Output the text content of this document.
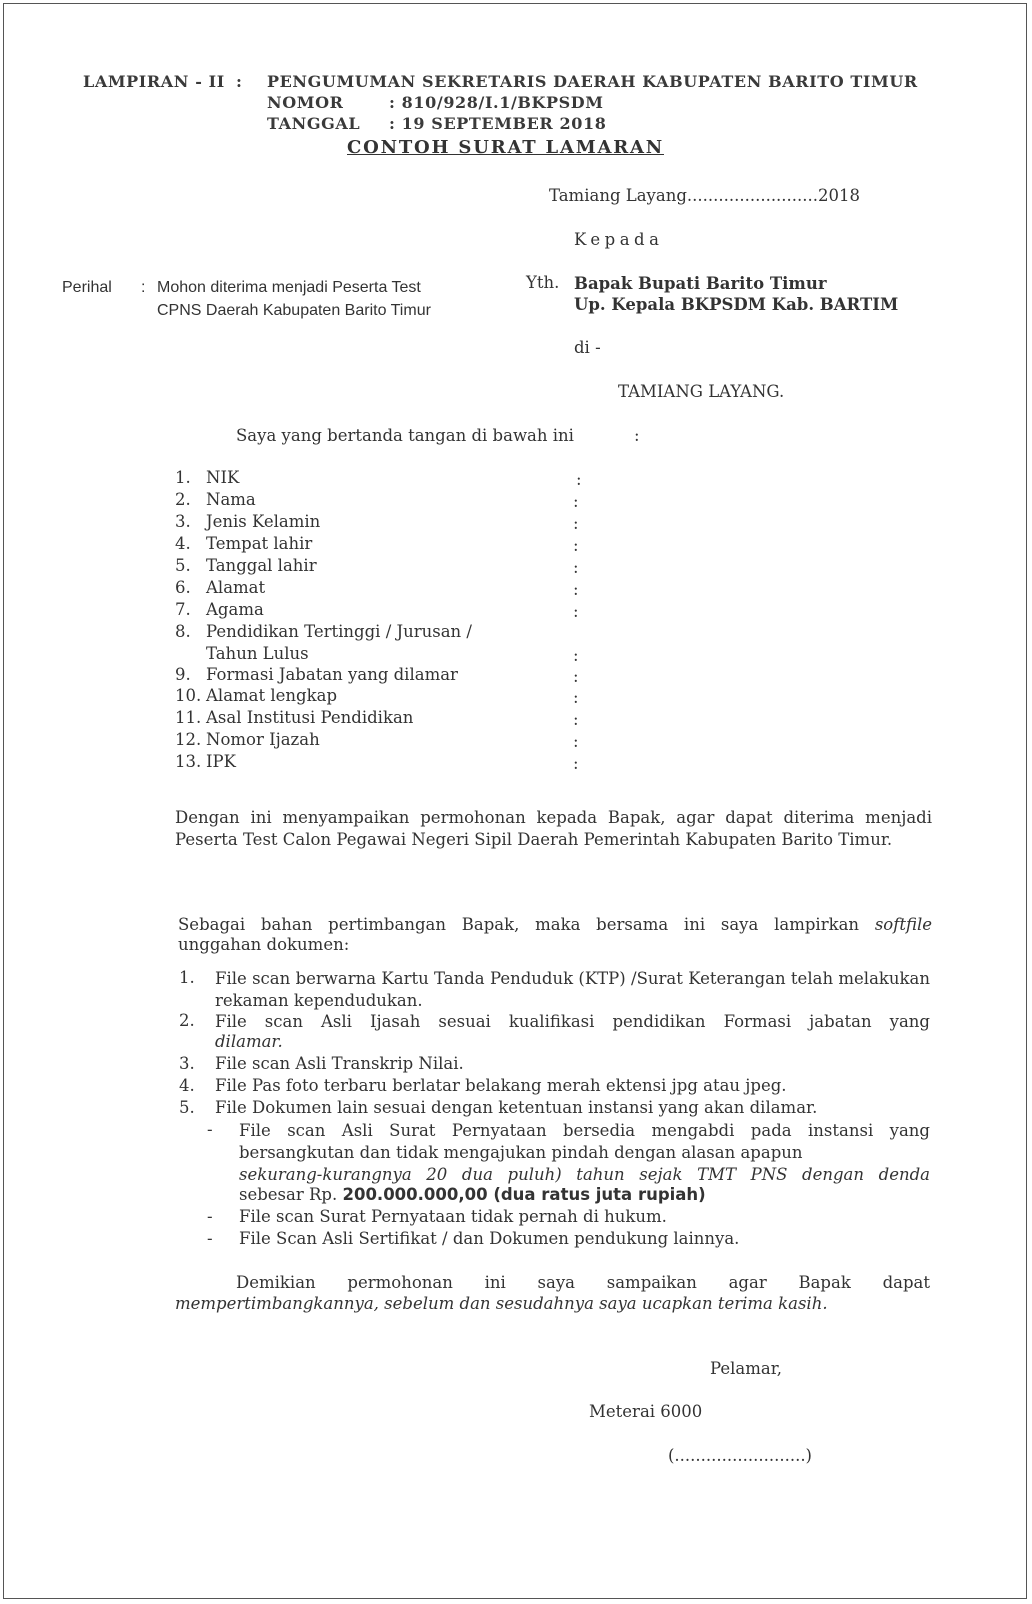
LAMPIRAN - II : PENGUMUMAN SEKRETARIS DAERAH KABUPATEN BARITO TIMUR
NOMOR	: 810/928/I.1/BKPSDM
TANGGAL : 19 SEPTEMBER 2018
CONTOH SURAT LAMARAN
Tamiang Layang.........................2018
Kepada
Perihal : Mohon diterima menjadi Peserta Test
CPNS Daerah Kabupaten Barito Timur
Yth. Bapak Bupati Barito Timur
Up. Kepala BKPSDM Kab. BARTIM
di -
TAMIANG LAYANG.
Saya yang bertanda tangan di bawah ini	:
1. NIK	:
2. Nama	:
3. Jenis Kelamin	:
4. Tempat lahir	:
5. Tanggal lahir	:
6. Alamat	:
7. Agama	:
8. Pendidikan Tertinggi / Jurusan /
Tahun Lulus	:
9. Formasi Jabatan yang dilamar	:
10. Alamat lengkap	:
11. Asal Institusi Pendidikan	:
12. Nomor Ijazah	:
13. IPK	:
Dengan ini menyampaikan permohonan kepada Bapak, agar dapat diterima menjadi Peserta Test Calon Pegawai Negeri Sipil Daerah Pemerintah Kabupaten Barito Timur.
Sebagai bahan pertimbangan Bapak, maka bersama ini saya lampirkan softfile
unggahan dokumen:
1. File scan berwarna Kartu Tanda Penduduk (KTP) /Surat Keterangan telah melakukan rekaman kependudukan.
2. File scan Asli Ijasah sesuai kualifikasi pendidikan Formasi jabatan yang
dilamar.
3. File scan Asli Transkrip Nilai.
4. File Pas foto terbaru berlatar belakang merah ektensi jpg atau jpeg.
5. File Dokumen lain sesuai dengan ketentuan instansi yang akan dilamar.
- File scan Asli Surat Pernyataan bersedia mengabdi pada instansi yang bersangkutan dan tidak mengajukan pindah dengan alasan apapun
sekurang-kurangnya 20 dua puluh) tahun sejak TMT PNS dengan denda
sebesar Rp. 200.000.000,00 (dua ratus juta rupiah)
- File scan Surat Pernyataan tidak pernah di hukum.
- File Scan Asli Sertifikat / dan Dokumen pendukung lainnya.
Demikian permohonan ini saya sampaikan agar Bapak dapat
mempertimbangkannya, sebelum dan sesudahnya saya ucapkan terima kasih.
Pelamar,
Meterai 6000
(.........................)
